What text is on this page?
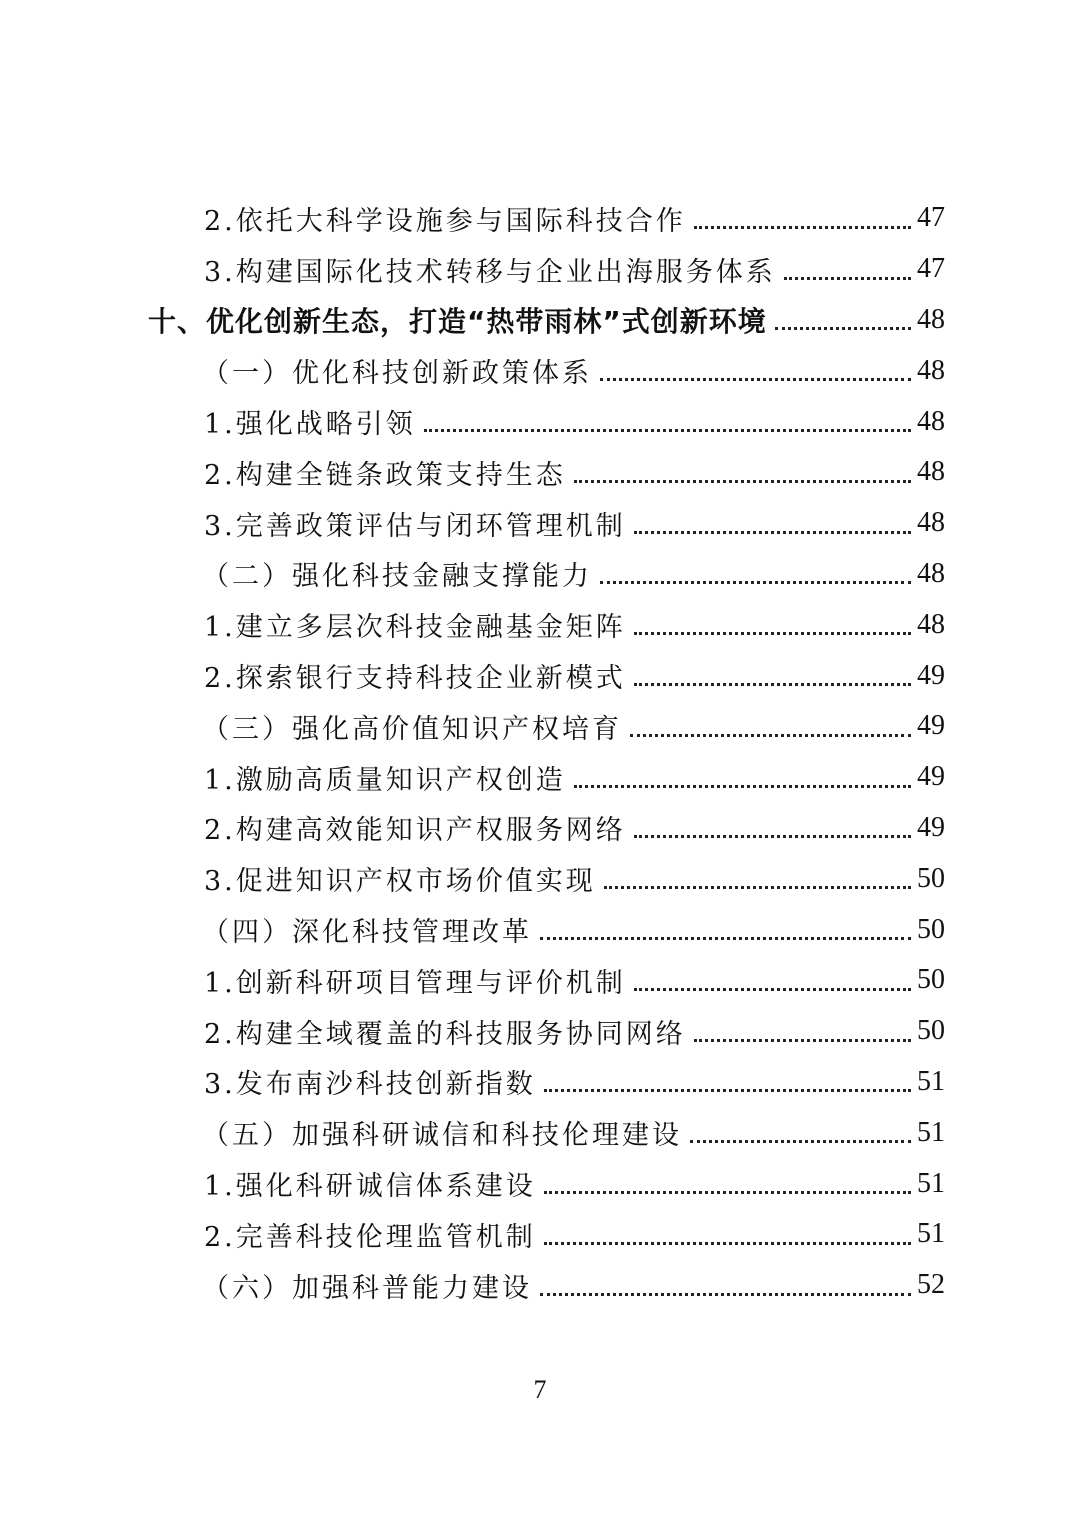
2.依托大科学设施参与国际科技合作	47
3.构建国际化技术转移与企业出海服务体系	47
十、优化创新生态，打造“热带雨林”式创新环境	48
（一）优化科技创新政策体系	48
1.强化战略引领	48
2.构建全链条政策支持生态	48
3.完善政策评估与闭环管理机制	48
（二）强化科技金融支撑能力	48
1.建立多层次科技金融基金矩阵	48
2.探索银行支持科技企业新模式	49
（三）强化高价值知识产权培育	49
1.激励高质量知识产权创造	49
2.构建高效能知识产权服务网络	49
3.促进知识产权市场价值实现	50
（四）深化科技管理改革	50
1.创新科研项目管理与评价机制	50
2.构建全域覆盖的科技服务协同网络	50
3.发布南沙科技创新指数	51
（五）加强科研诚信和科技伦理建设	51
1.强化科研诚信体系建设	51
2.完善科技伦理监管机制	51
（六）加强科普能力建设	52
7
